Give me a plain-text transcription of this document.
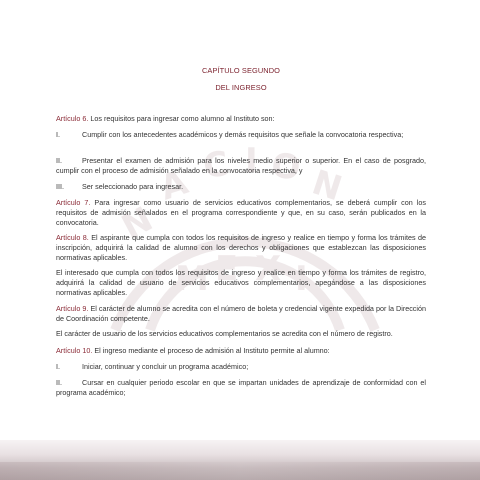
N
A C I O N
M E X I
CAPÍTULO SEGUNDO
DEL INGRESO
Artículo 6. Los requisitos para ingresar como alumno al Instituto son:
I.	Cumplir con los antecedentes académicos y demás requisitos que señale la convocatoria respectiva;
II.	Presentar el examen de admisión para los niveles medio superior o superior. En el caso de posgrado, cumplir con el proceso de admisión señalado en la convocatoria respectiva, y
III.	Ser seleccionado para ingresar.
Artículo 7. Para ingresar como usuario de servicios educativos complementarios, se deberá cumplir con los requisitos de admisión señalados en el programa correspondiente y que, en su caso, serán publicados en la convocatoria.
Artículo 8. El aspirante que cumpla con todos los requisitos de ingreso y realice en tiempo y forma los trámites de inscripción, adquirirá la calidad de alumno con los derechos y obligaciones que establezcan las disposiciones normativas aplicables.
El interesado que cumpla con todos los requisitos de ingreso y realice en tiempo y forma los trámites de registro, adquirirá la calidad de usuario de servicios educativos complementarios, apegándose a las disposiciones normativas aplicables.
Artículo 9. El carácter de alumno se acredita con el número de boleta y credencial vigente expedida por la Dirección de Coordinación competente.
El carácter de usuario de los servicios educativos complementarios se acredita con el número de registro.
Artículo 10. El ingreso mediante el proceso de admisión al Instituto permite al alumno:
I.	Iniciar, continuar y concluir un programa académico;
II.	Cursar en cualquier periodo escolar en que se impartan unidades de aprendizaje de conformidad con el programa académico;
